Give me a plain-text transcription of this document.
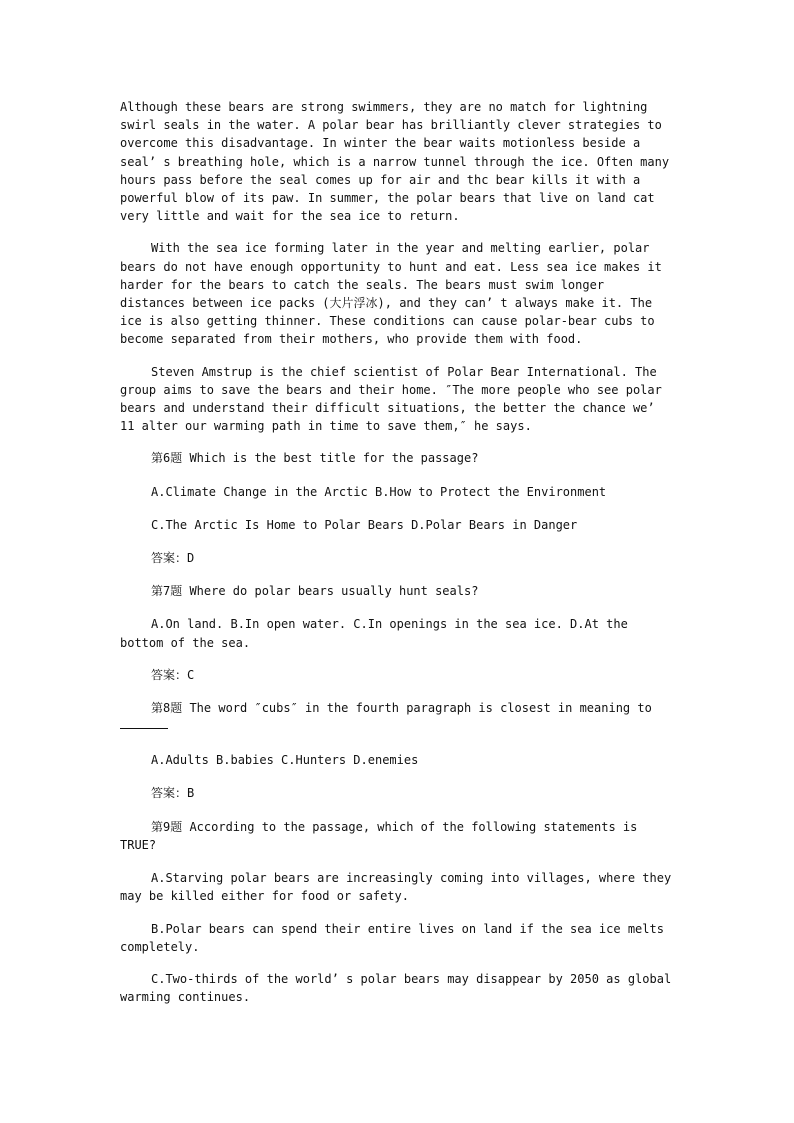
Although these bears are strong swimmers, they are no match for lightning swirl seals in the water. A polar bear has brilliantly clever strategies to overcome this disadvantage. In winter the bear waits motionless beside a seal’ s breathing hole, which is a narrow tunnel through the ice. Often many hours pass before the seal comes up for air and thc bear kills it with a powerful blow of its paw. In summer, the polar bears that live on land cat very little and wait for the sea ice to return.

With the sea ice forming later in the year and melting earlier, polar bears do not have enough opportunity to hunt and eat. Less sea ice makes it harder for the bears to catch the seals. The bears must swim longer distances between ice packs (大片浮冰), and they can’ t always make it. The ice is also getting thinner. These conditions can cause polar-bear cubs to become separated from their mothers, who provide them with food.

Steven Amstrup is the chief scientist of Polar Bear International. The group aims to save the bears and their home. ″The more people who see polar bears and understand their difficult situations, the better the chance we’ 11 alter our warming path in time to save them,″ he says.

第6题 Which is the best title for the passage?

A.Climate Change in the Arctic B.How to Protect the Environment

C.The Arctic Is Home to Polar Bears D.Polar Bears in Danger

答案：D

第7题 Where do polar bears usually hunt seals?

A.On land. B.In open water. C.In openings in the sea ice. D.At the bottom of the sea.

答案：C

第8题 The word ″cubs″ in the fourth paragraph is closest in meaning to

A.Adults B.babies C.Hunters D.enemies

答案：B

第9题 According to the passage, which of the following statements is TRUE?

A.Starving polar bears are increasingly coming into villages, where they may be killed either for food or safety.

B.Polar bears can spend their entire lives on land if the sea ice melts completely.

C.Two-thirds of the world’ s polar bears may disappear by 2050 as global warming continues.
